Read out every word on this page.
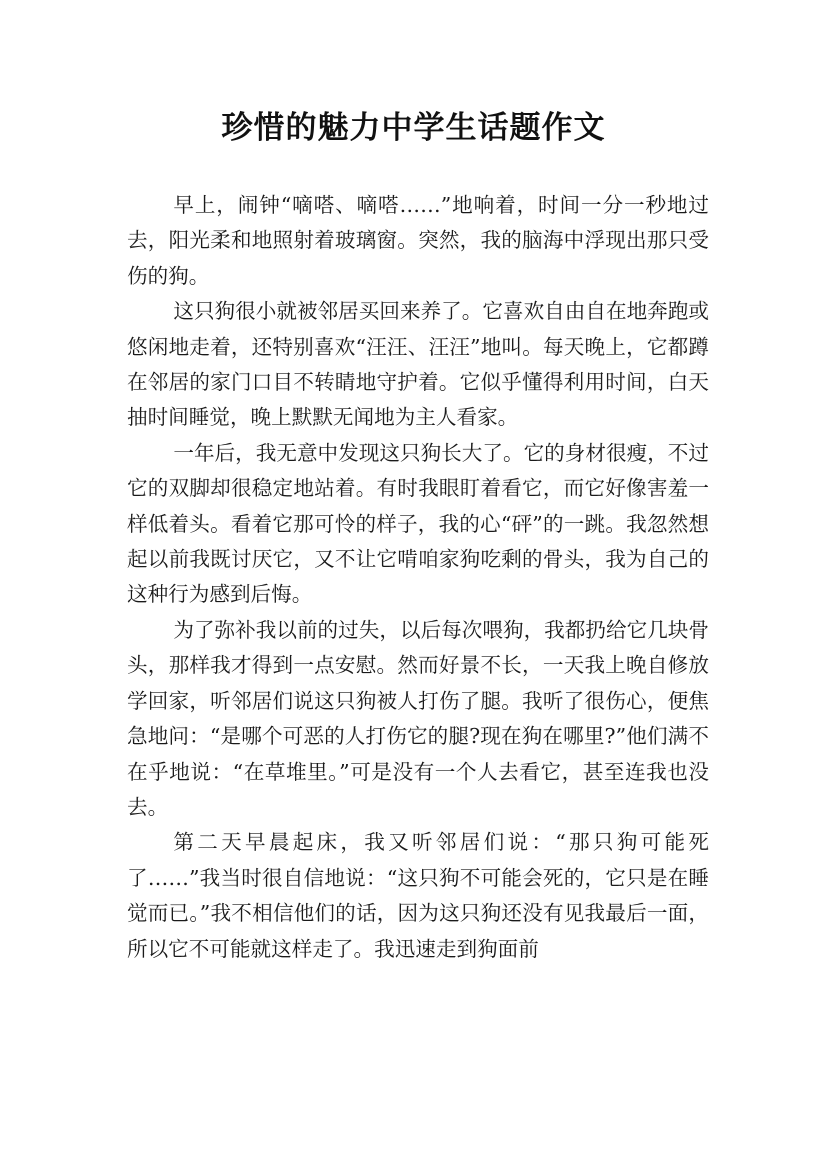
珍惜的魅力中学生话题作文

早上，闹钟“嘀嗒、嘀嗒……”地响着，时间一分一秒地过去，阳光柔和地照射着玻璃窗。突然，我的脑海中浮现出那只受伤的狗。

这只狗很小就被邻居买回来养了。它喜欢自由自在地奔跑或悠闲地走着，还特别喜欢“汪汪、汪汪”地叫。每天晚上，它都蹲在邻居的家门口目不转睛地守护着。它似乎懂得利用时间，白天抽时间睡觉，晚上默默无闻地为主人看家。

一年后，我无意中发现这只狗长大了。它的身材很瘦，不过它的双脚却很稳定地站着。有时我眼盯着看它，而它好像害羞一样低着头。看着它那可怜的样子，我的心“砰”的一跳。我忽然想起以前我既讨厌它，又不让它啃咱家狗吃剩的骨头，我为自己的这种行为感到后悔。

为了弥补我以前的过失，以后每次喂狗，我都扔给它几块骨头，那样我才得到一点安慰。然而好景不长，一天我上晚自修放学回家，听邻居们说这只狗被人打伤了腿。我听了很伤心，便焦急地问：“是哪个可恶的人打伤它的腿?现在狗在哪里?”他们满不在乎地说：“在草堆里。”可是没有一个人去看它，甚至连我也没去。

第二天早晨起床，我又听邻居们说：“那只狗可能死了……”我当时很自信地说：“这只狗不可能会死的，它只是在睡觉而已。”我不相信他们的话，因为这只狗还没有见我最后一面，所以它不可能就这样走了。我迅速走到狗面前
